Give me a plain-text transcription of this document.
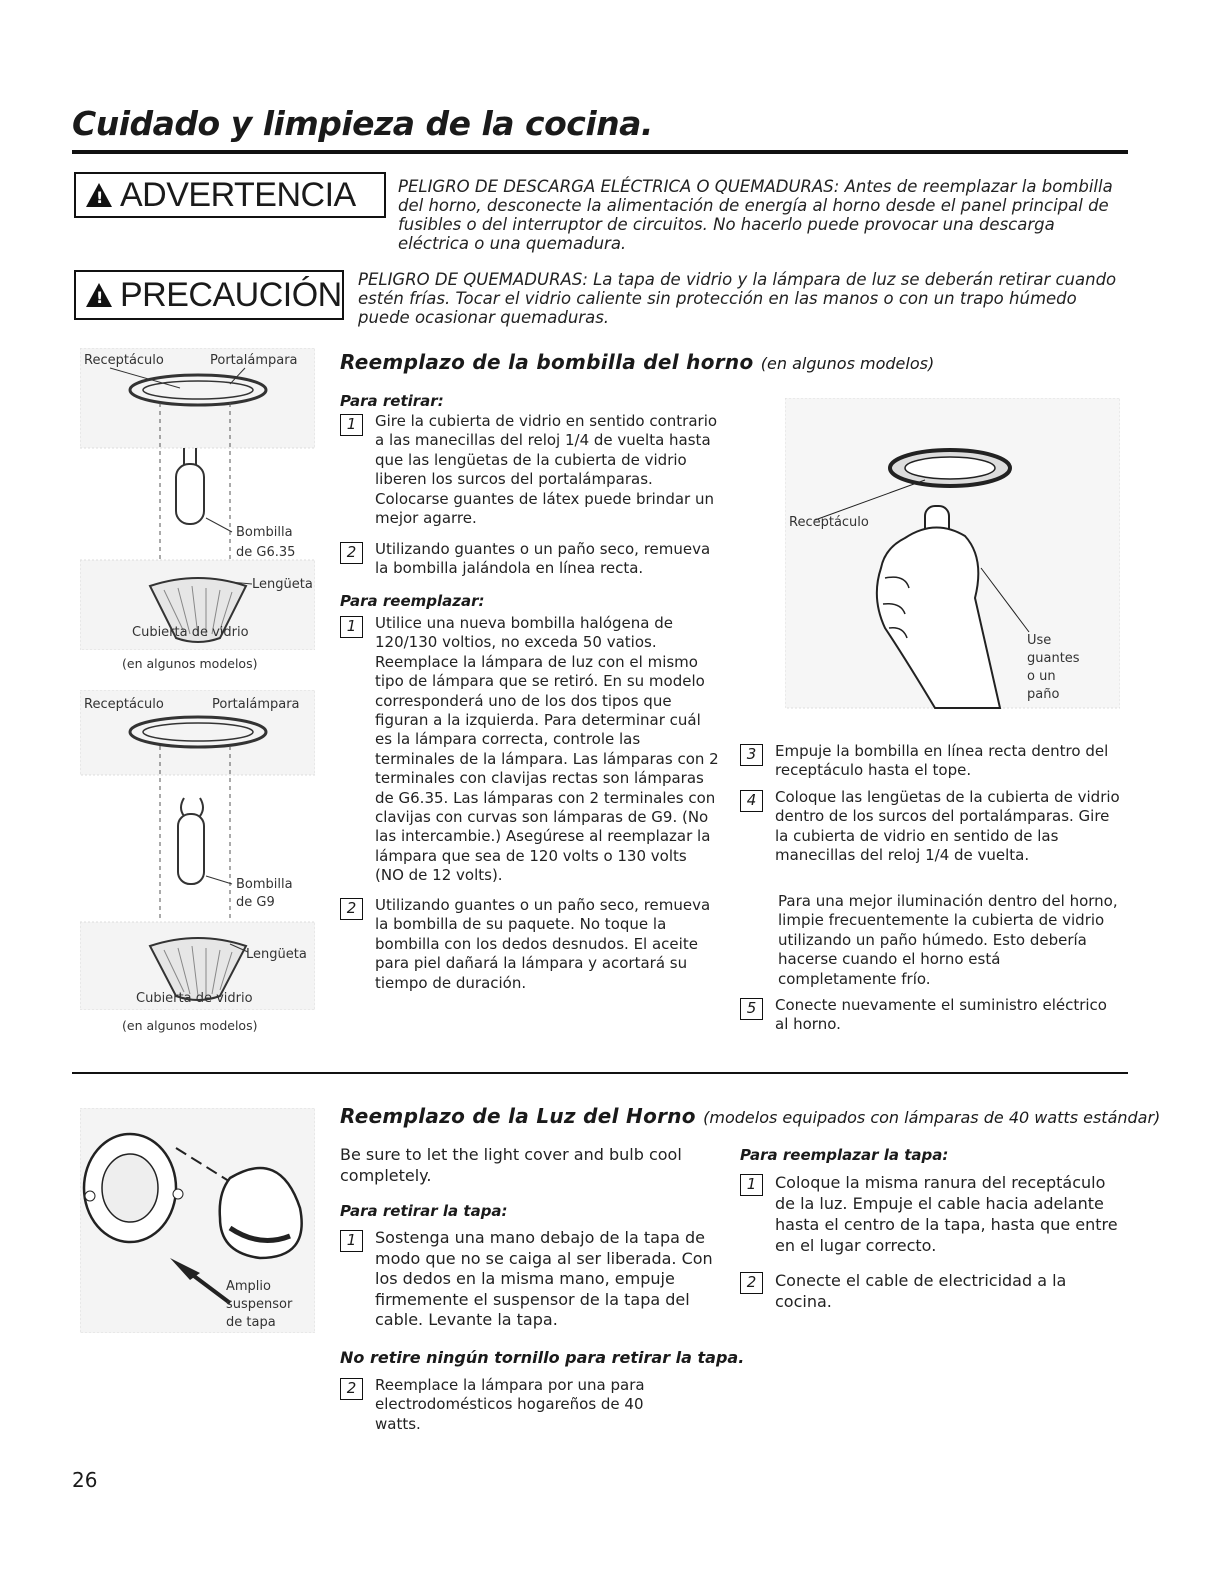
Cuidado y limpieza de la cocina.
!
ADVERTENCIA	PELIGRO DE DESCARGA ELÉCTRICA O QUEMADURAS: Antes de reemplazar la bombilla del horno, desconecte la alimentación de energía al horno desde el panel principal de fusibles o del interruptor de circuitos. No hacerlo puede provocar una descarga eléctrica o una quemadura.
!
PRECAUCIÓN PELIGRO DE QUEMADURAS: La tapa de vidrio y la lámpara de luz se deberán retirar cuando estén frías. Tocar el vidrio caliente sin protección en las manos o con un trapo húmedo puede ocasionar quemaduras.
Receptáculo	Portalámpara
Bombilla
de G6.35
Lengüeta
Cubierta de vidrio
(en algunos modelos)
Receptáculo	Portalámpara
Bombilla
de G9
Lengüeta
Cubierta de vidrio
(en algunos modelos)
Reemplazo de la bombilla del horno (en algunos modelos)
Para retirar:
1	Gire la cubierta de vidrio en sentido contrario a las manecillas del reloj 1/4 de vuelta hasta que las lengüetas de la cubierta de vidrio liberen los surcos del portalámparas. Colocarse guantes de látex puede brindar un mejor agarre.
2	Utilizando guantes o un paño seco, remueva la bombilla jalándola en línea recta.
Para reemplazar:
1	Utilice una nueva bombilla halógena de 120/130 voltios, no exceda 50 vatios. Reemplace la lámpara de luz con el mismo tipo de lámpara que se retiró. En su modelo corresponderá uno de los dos tipos que figuran a la izquierda. Para determinar cuál es la lámpara correcta, controle las terminales de la lámpara. Las lámparas con 2 terminales con clavijas rectas son lámparas de G6.35. Las lámparas con 2 terminales con clavijas con curvas son lámparas de G9. (No las intercambie.) Asegúrese al reemplazar la lámpara que sea de 120 volts o 130 volts (NO de 12 volts).
2	Utilizando guantes o un paño seco, remueva la bombilla de su paquete. No toque la bombilla con los dedos desnudos. El aceite para piel dañará la lámpara y acortará su tiempo de duración.
Receptáculo
Use
guantes
o un
paño
3	Empuje la bombilla en línea recta dentro del receptáculo hasta el tope.
4	Coloque las lengüetas de la cubierta de vidrio dentro de los surcos del portalámparas. Gire la cubierta de vidrio en sentido de las manecillas del reloj 1/4 de vuelta.
Para una mejor iluminación dentro del horno, limpie frecuentemente la cubierta de vidrio utilizando un paño húmedo. Esto debería hacerse cuando el horno está completamente frío.
5	Conecte nuevamente el suministro eléctrico al horno.
Amplio
suspensor
de tapa
Reemplazo de la Luz del Horno (modelos equipados con lámparas de 40 watts estándar)
Be sure to let the light cover and bulb cool completely.
Para retirar la tapa:
1	Sostenga una mano debajo de la tapa de modo que no se caiga al ser liberada. Con los dedos en la misma mano, empuje firmemente el suspensor de la tapa del cable. Levante la tapa.
No retire ningún tornillo para retirar la tapa.
2	Reemplace la lámpara por una para electrodomésticos hogareños de 40 watts.
Para reemplazar la tapa:
1	Coloque la misma ranura del receptáculo de la luz. Empuje el cable hacia adelante hasta el centro de la tapa, hasta que entre en el lugar correcto.
2	Conecte el cable de electricidad a la cocina.
26
